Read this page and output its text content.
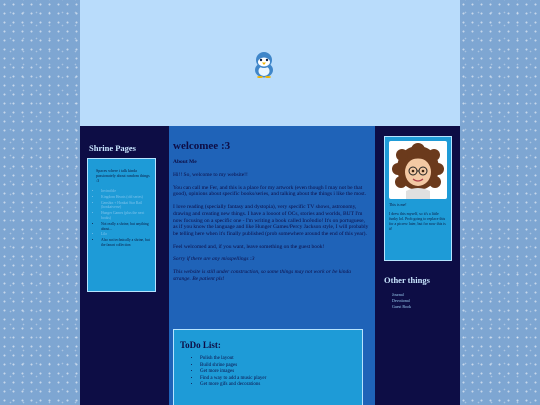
Shrine Pages

Spaces where i talk kinda passionately about random things :3

• Invincible
• Kingdom Hearts (old series)
• Genshin + Honkai Star Rail (honkaiverse)
• Hunger Games (plus the next books)
• Not really a shrine, but anything about...
• Lilo
• Also not technically a shrine, but the fanart collection
welcomee :3
About Me

Hi!! So, welcome to my website!!

You can call me Fer, and this is a place for my artwork (even though I may not be that good), opinions about specific books/series, and talking about the things i like the most.

I love reading (specially fantasy and dystopia), very specific TV shows, astronomy, drawing and creating new things. I have a loooot of OCs, stories and worlds, BUT I'm now focusing on a specific one - I'm writing a book called Incêndio! It's on portuguese, as if you know the language and like Hunger Games/Percy Jackson style, I will probably be telling here when it's finally published (prob somewhere around the end of this year).

Feel welcomed and, if you want, leave something on the guest book!

Sorry if there are any misspellings :3

This website is still under construction, so some things may not work or be kinda strange. Be patient pls!

ToDo List:
• Polish the layout
• Build shrine pages
• Get more images
• Find a way to add a music player
• Get more gifs and decorations

This is me!

I drew this myself, so it's a little funky lol. Prob going to replace this for a picrew later, but for now this is it!

Other things
Journal
Devotional
Guest Book
